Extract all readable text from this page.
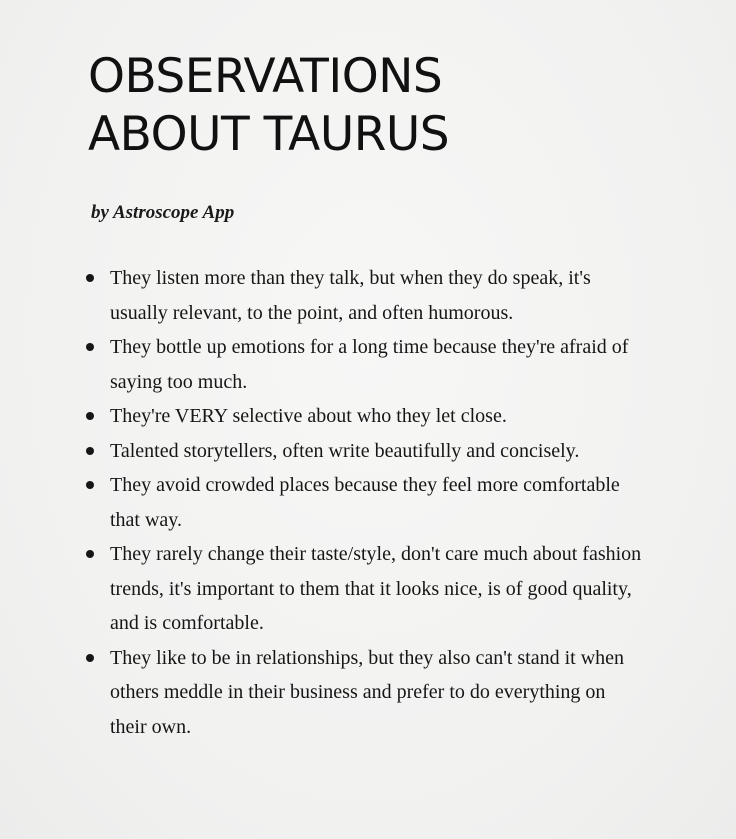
OBSERVATIONS
ABOUT TAURUS
by Astroscope App
They listen more than they talk, but when they do speak, it's usually relevant, to the point, and often humorous.
They bottle up emotions for a long time because they're afraid of saying too much.
They're VERY selective about who they let close.
Talented storytellers, often write beautifully and concisely.
They avoid crowded places because they feel more comfortable that way.
They rarely change their taste/style, don't care much about fashion trends, it's important to them that it looks nice, is of good quality, and is comfortable.
They like to be in relationships, but they also can't stand it when others meddle in their business and prefer to do everything on their own.
